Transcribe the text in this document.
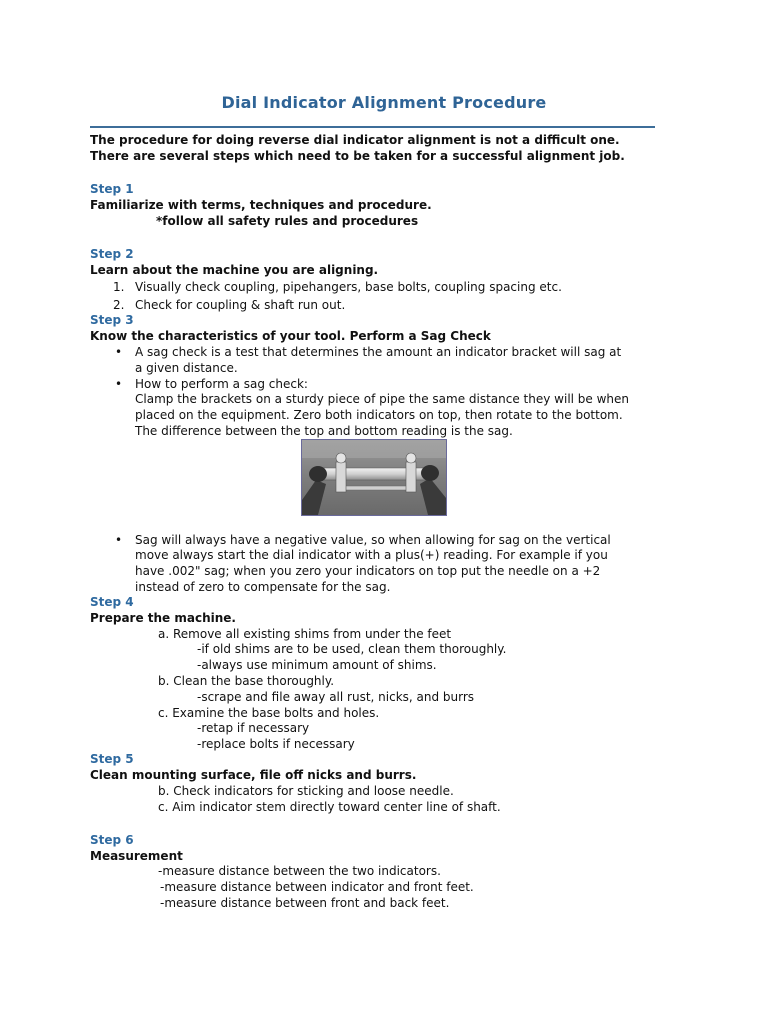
Dial Indicator Alignment Procedure
The procedure for doing reverse dial indicator alignment is not a difficult one.
There are several steps which need to be taken for a successful alignment job.
Step 1
Familiarize with terms, techniques and procedure.
*follow all safety rules and procedures
Step 2
Learn about the machine you are aligning.
1. Visually check coupling, pipehangers, base bolts, coupling spacing etc.
2. Check for coupling & shaft run out.
Step 3
Know the characteristics of your tool. Perform a Sag Check
• A sag check is a test that determines the amount an indicator bracket will sag at
a given distance.
• How to perform a sag check:
Clamp the brackets on a sturdy piece of pipe the same distance they will be when
placed on the equipment. Zero both indicators on top, then rotate to the bottom.
The difference between the top and bottom reading is the sag.
• Sag will always have a negative value, so when allowing for sag on the vertical
move always start the dial indicator with a plus(+) reading. For example if you
have .002" sag; when you zero your indicators on top put the needle on a +2
instead of zero to compensate for the sag.
Step 4
Prepare the machine.
a. Remove all existing shims from under the feet
-if old shims are to be used, clean them thoroughly.
-always use minimum amount of shims.
b. Clean the base thoroughly.
-scrape and file away all rust, nicks, and burrs
c. Examine the base bolts and holes.
-retap if necessary
-replace bolts if necessary
Step 5
Clean mounting surface, file off nicks and burrs.
b. Check indicators for sticking and loose needle.
c. Aim indicator stem directly toward center line of shaft.
Step 6
Measurement
-measure distance between the two indicators.
-measure distance between indicator and front feet.
-measure distance between front and back feet.
